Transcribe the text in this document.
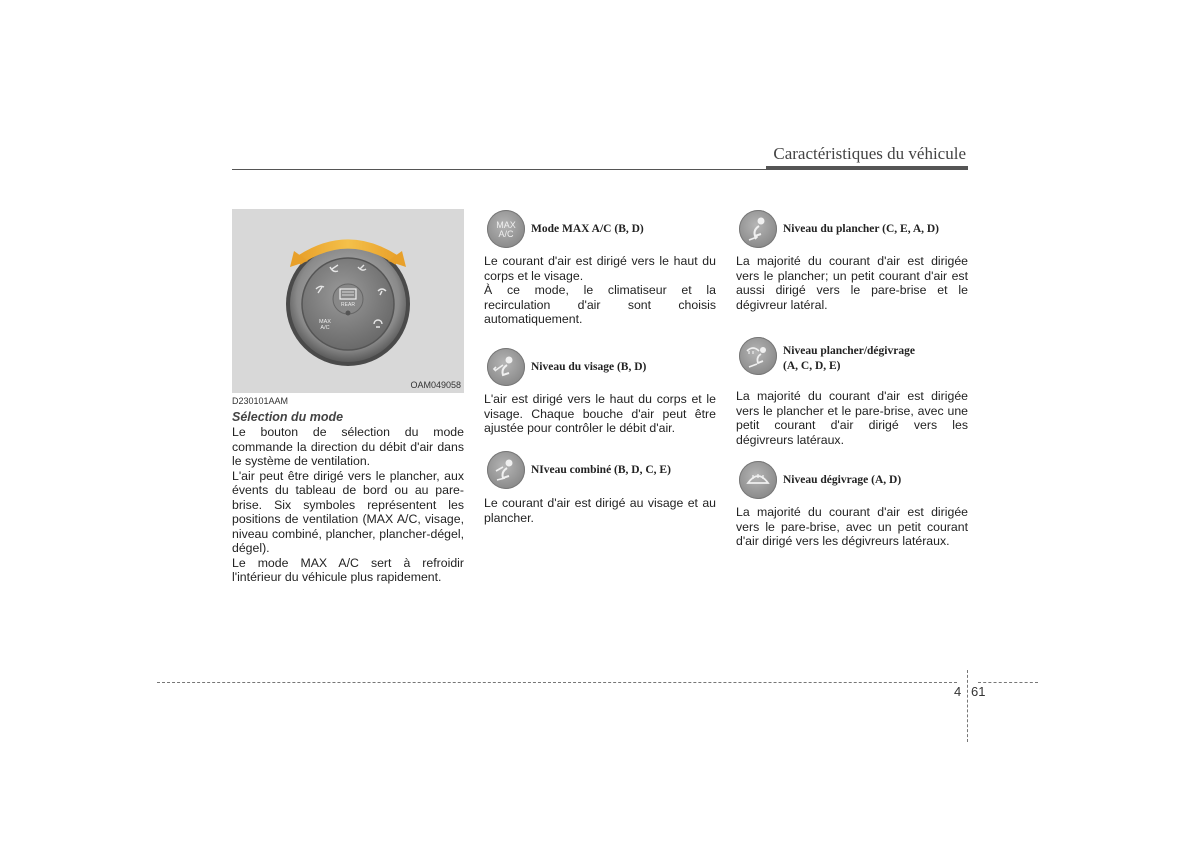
Caractéristiques du véhicule
REAR
MAX
A/C
OAM049058
D230101AAM
Sélection du mode

Le bouton de sélection du mode commande la direction du débit d'air dans le système de ventilation.

L'air peut être dirigé vers le plancher, aux évents du tableau de bord ou au pare-brise. Six symboles représentent les positions de ventilation (MAX A/C, visage, niveau combiné, plancher, plancher-dégel, dégel).

Le mode MAX A/C sert à refroidir l'intérieur du véhicule plus rapidement.

MAX
A/C Mode MAX A/C (B, D)

Le courant d'air est dirigé vers le haut du corps et le visage.

À ce mode, le climatiseur et la recirculation d'air sont choisis automatiquement.

Niveau du visage (B, D)

L'air est dirigé vers le haut du corps et le visage. Chaque bouche d'air peut être ajustée pour contrôler le débit d'air.

NIveau combiné (B, D, C, E)

Le courant d'air est dirigé au visage et au plancher.

Niveau du plancher (C, E, A, D)

La majorité du courant d'air est dirigée vers le plancher; un petit courant d'air est aussi dirigé vers le pare-brise et le dégivreur latéral.

Niveau plancher/dégivrage
(A, C, D, E)

La majorité du courant d'air est dirigée vers le plancher et le pare-brise, avec une petit courant d'air dirigé vers les dégivreurs latéraux.

Niveau dégivrage (A, D)

La majorité du courant d'air est dirigée vers le pare-brise, avec un petit courant d'air dirigé vers les dégivreurs latéraux.

4 61
